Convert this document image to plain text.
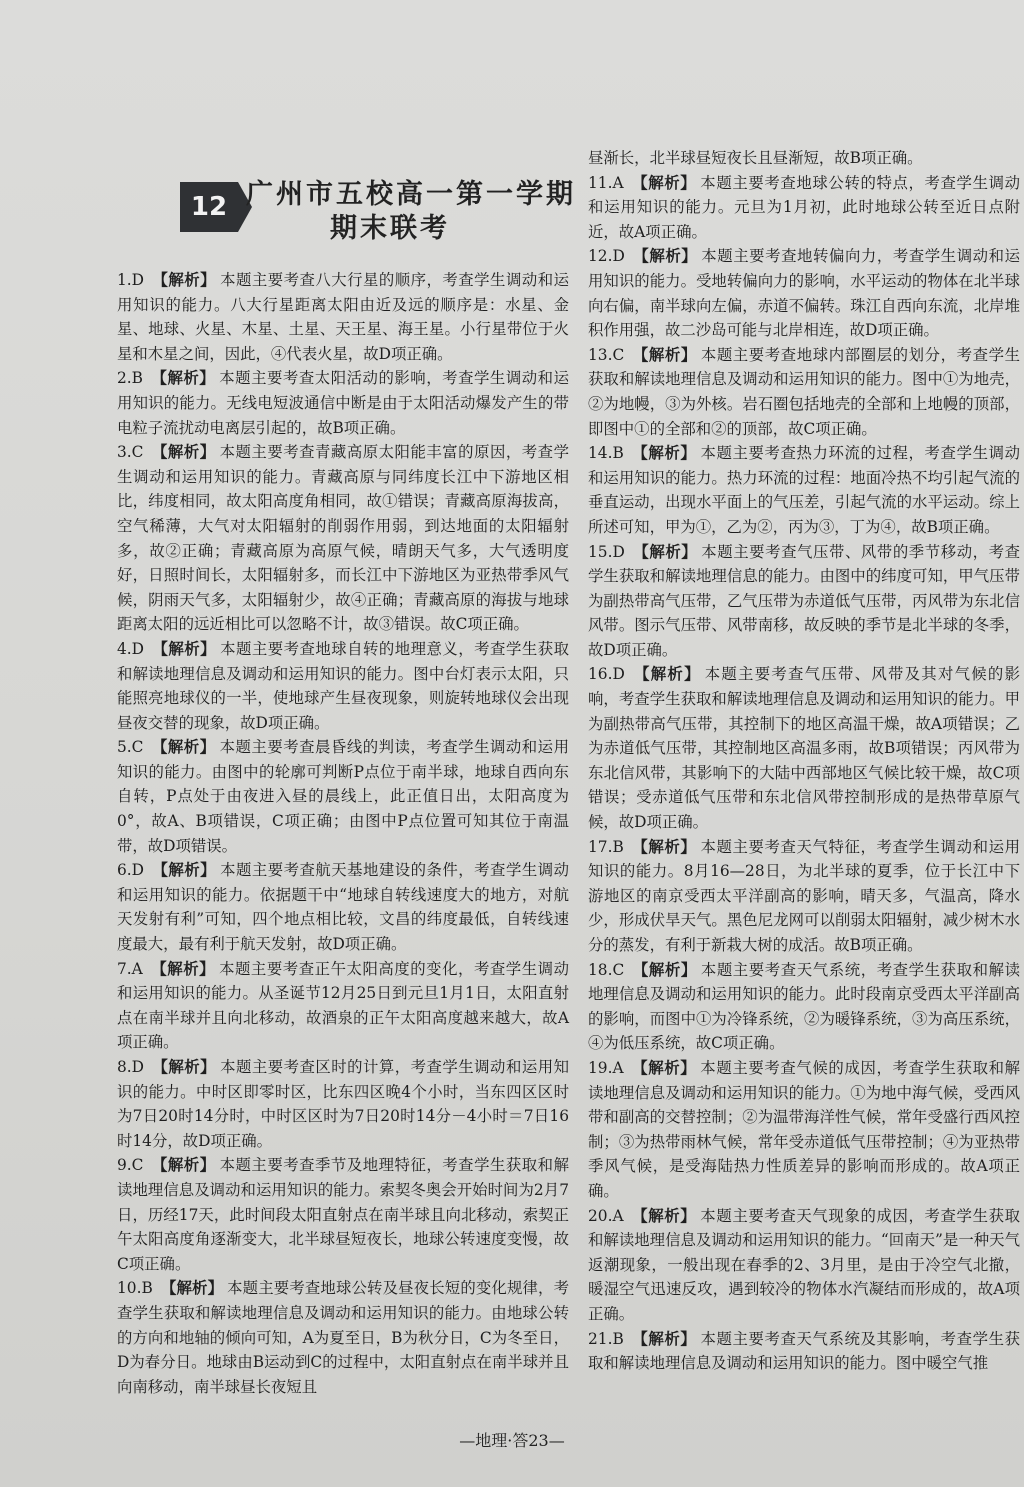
12 广州市五校高一第一学期
期末联考

1.D 【解析】 本题主要考查八大行星的顺序，考查学生调动和运用知识的能力。八大行星距离太阳由近及远的顺序是：水星、金星、地球、火星、木星、土星、天王星、海王星。小行星带位于火星和木星之间，因此，④代表火星，故D项正确。

2.B 【解析】 本题主要考查太阳活动的影响，考查学生调动和运用知识的能力。无线电短波通信中断是由于太阳活动爆发产生的带电粒子流扰动电离层引起的，故B项正确。

3.C 【解析】 本题主要考查青藏高原太阳能丰富的原因，考查学生调动和运用知识的能力。青藏高原与同纬度长江中下游地区相比，纬度相同，故太阳高度角相同，故①错误；青藏高原海拔高，空气稀薄，大气对太阳辐射的削弱作用弱，到达地面的太阳辐射多，故②正确；青藏高原为高原气候，晴朗天气多，大气透明度好，日照时间长，太阳辐射多，而长江中下游地区为亚热带季风气候，阴雨天气多，太阳辐射少，故④正确；青藏高原的海拔与地球距离太阳的远近相比可以忽略不计，故③错误。故C项正确。

4.D 【解析】 本题主要考查地球自转的地理意义，考查学生获取和解读地理信息及调动和运用知识的能力。图中台灯表示太阳，只能照亮地球仪的一半，使地球产生昼夜现象，则旋转地球仪会出现昼夜交替的现象，故D项正确。

5.C 【解析】 本题主要考查晨昏线的判读，考查学生调动和运用知识的能力。由图中的轮廓可判断P点位于南半球，地球自西向东自转，P点处于由夜进入昼的晨线上，此正值日出，太阳高度为0°，故A、B项错误，C项正确；由图中P点位置可知其位于南温带，故D项错误。

6.D 【解析】 本题主要考查航天基地建设的条件，考查学生调动和运用知识的能力。依据题干中“地球自转线速度大的地方，对航天发射有利”可知，四个地点相比较，文昌的纬度最低，自转线速度最大，最有利于航天发射，故D项正确。

7.A 【解析】 本题主要考查正午太阳高度的变化，考查学生调动和运用知识的能力。从圣诞节12月25日到元旦1月1日，太阳直射点在南半球并且向北移动，故酒泉的正午太阳高度越来越大，故A项正确。

8.D 【解析】 本题主要考查区时的计算，考查学生调动和运用知识的能力。中时区即零时区，比东四区晚4个小时，当东四区区时为7日20时14分时，中时区区时为7日20时14分－4小时＝7日16时14分，故D项正确。

9.C 【解析】 本题主要考查季节及地理特征，考查学生获取和解读地理信息及调动和运用知识的能力。索契冬奥会开始时间为2月7日，历经17天，此时间段太阳直射点在南半球且向北移动，索契正午太阳高度角逐渐变大，北半球昼短夜长，地球公转速度变慢，故C项正确。

10.B 【解析】 本题主要考查地球公转及昼夜长短的变化规律，考查学生获取和解读地理信息及调动和运用知识的能力。由地球公转的方向和地轴的倾向可知，A为夏至日，B为秋分日，C为冬至日，D为春分日。地球由B运动到C的过程中，太阳直射点在南半球并且向南移动，南半球昼长夜短且

昼渐长，北半球昼短夜长且昼渐短，故B项正确。

11.A 【解析】 本题主要考查地球公转的特点，考查学生调动和运用知识的能力。元旦为1月初，此时地球公转至近日点附近，故A项正确。

12.D 【解析】 本题主要考查地转偏向力，考查学生调动和运用知识的能力。受地转偏向力的影响，水平运动的物体在北半球向右偏，南半球向左偏，赤道不偏转。珠江自西向东流，北岸堆积作用强，故二沙岛可能与北岸相连，故D项正确。

13.C 【解析】 本题主要考查地球内部圈层的划分，考查学生获取和解读地理信息及调动和运用知识的能力。图中①为地壳，②为地幔，③为外核。岩石圈包括地壳的全部和上地幔的顶部，即图中①的全部和②的顶部，故C项正确。

14.B 【解析】 本题主要考查热力环流的过程，考查学生调动和运用知识的能力。热力环流的过程：地面冷热不均引起气流的垂直运动，出现水平面上的气压差，引起气流的水平运动。综上所述可知，甲为①，乙为②，丙为③，丁为④，故B项正确。

15.D 【解析】 本题主要考查气压带、风带的季节移动，考查学生获取和解读地理信息的能力。由图中的纬度可知，甲气压带为副热带高气压带，乙气压带为赤道低气压带，丙风带为东北信风带。图示气压带、风带南移，故反映的季节是北半球的冬季，故D项正确。

16.D 【解析】 本题主要考查气压带、风带及其对气候的影响，考查学生获取和解读地理信息及调动和运用知识的能力。甲为副热带高气压带，其控制下的地区高温干燥，故A项错误；乙为赤道低气压带，其控制地区高温多雨，故B项错误；丙风带为东北信风带，其影响下的大陆中西部地区气候比较干燥，故C项错误；受赤道低气压带和东北信风带控制形成的是热带草原气候，故D项正确。

17.B 【解析】 本题主要考查天气特征，考查学生调动和运用知识的能力。8月16—28日，为北半球的夏季，位于长江中下游地区的南京受西太平洋副高的影响，晴天多，气温高，降水少，形成伏旱天气。黑色尼龙网可以削弱太阳辐射，减少树木水分的蒸发，有利于新栽大树的成活。故B项正确。

18.C 【解析】 本题主要考查天气系统，考查学生获取和解读地理信息及调动和运用知识的能力。此时段南京受西太平洋副高的影响，而图中①为冷锋系统，②为暖锋系统，③为高压系统，④为低压系统，故C项正确。

19.A 【解析】 本题主要考查气候的成因，考查学生获取和解读地理信息及调动和运用知识的能力。①为地中海气候，受西风带和副高的交替控制；②为温带海洋性气候，常年受盛行西风控制；③为热带雨林气候，常年受赤道低气压带控制；④为亚热带季风气候，是受海陆热力性质差异的影响而形成的。故A项正确。

20.A 【解析】 本题主要考查天气现象的成因，考查学生获取和解读地理信息及调动和运用知识的能力。“回南天”是一种天气返潮现象，一般出现在春季的2、3月里，是由于冷空气北撤，暖湿空气迅速反攻，遇到较冷的物体水汽凝结而形成的，故A项正确。

21.B 【解析】 本题主要考查天气系统及其影响，考查学生获取和解读地理信息及调动和运用知识的能力。图中暖空气推

—地理·答23—
